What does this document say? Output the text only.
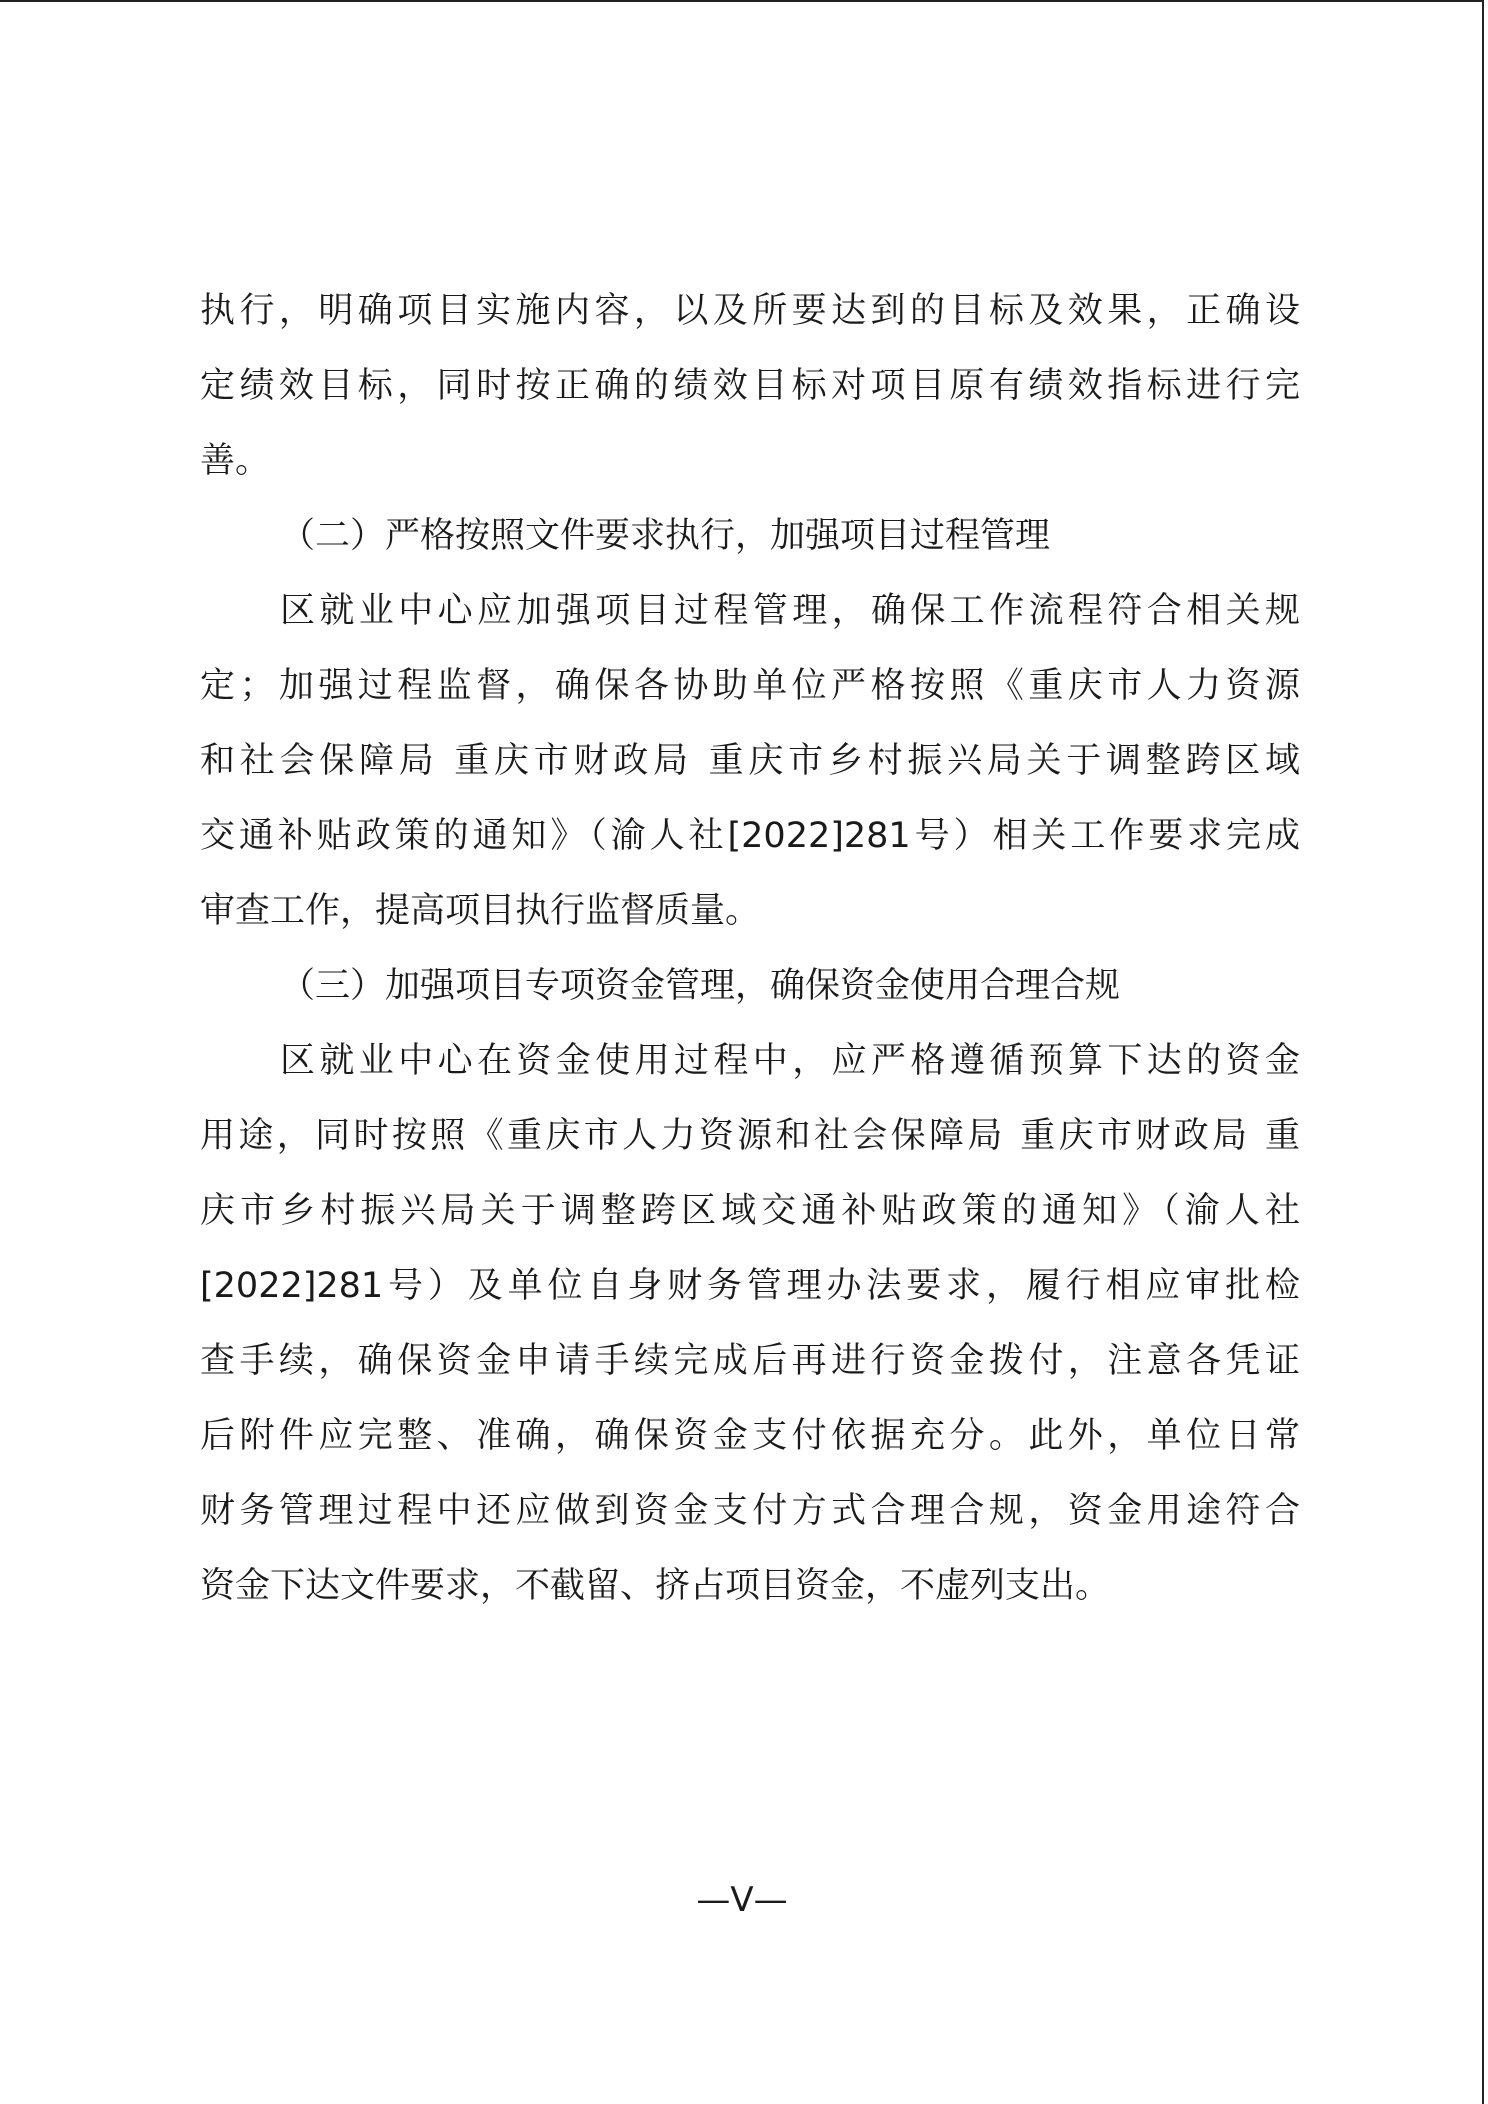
执行，明确项目实施内容，以及所要达到的目标及效果，正确设
定绩效目标，同时按正确的绩效目标对项目原有绩效指标进行完
善。
（二）严格按照文件要求执行，加强项目过程管理
区就业中心应加强项目过程管理，确保工作流程符合相关规
定；加强过程监督，确保各协助单位严格按照《重庆市人力资源
和社会保障局 重庆市财政局 重庆市乡村振兴局关于调整跨区域
交通补贴政策的通知》（渝人社[2022]281号）相关工作要求完成
审查工作，提高项目执行监督质量。
（三）加强项目专项资金管理，确保资金使用合理合规
区就业中心在资金使用过程中，应严格遵循预算下达的资金
用途，同时按照《重庆市人力资源和社会保障局 重庆市财政局 重
庆市乡村振兴局关于调整跨区域交通补贴政策的通知》（渝人社
[2022]281号）及单位自身财务管理办法要求，履行相应审批检
查手续，确保资金申请手续完成后再进行资金拨付，注意各凭证
后附件应完整、准确，确保资金支付依据充分。此外，单位日常
财务管理过程中还应做到资金支付方式合理合规，资金用途符合
资金下达文件要求，不截留、挤占项目资金，不虚列支出。
—V—
